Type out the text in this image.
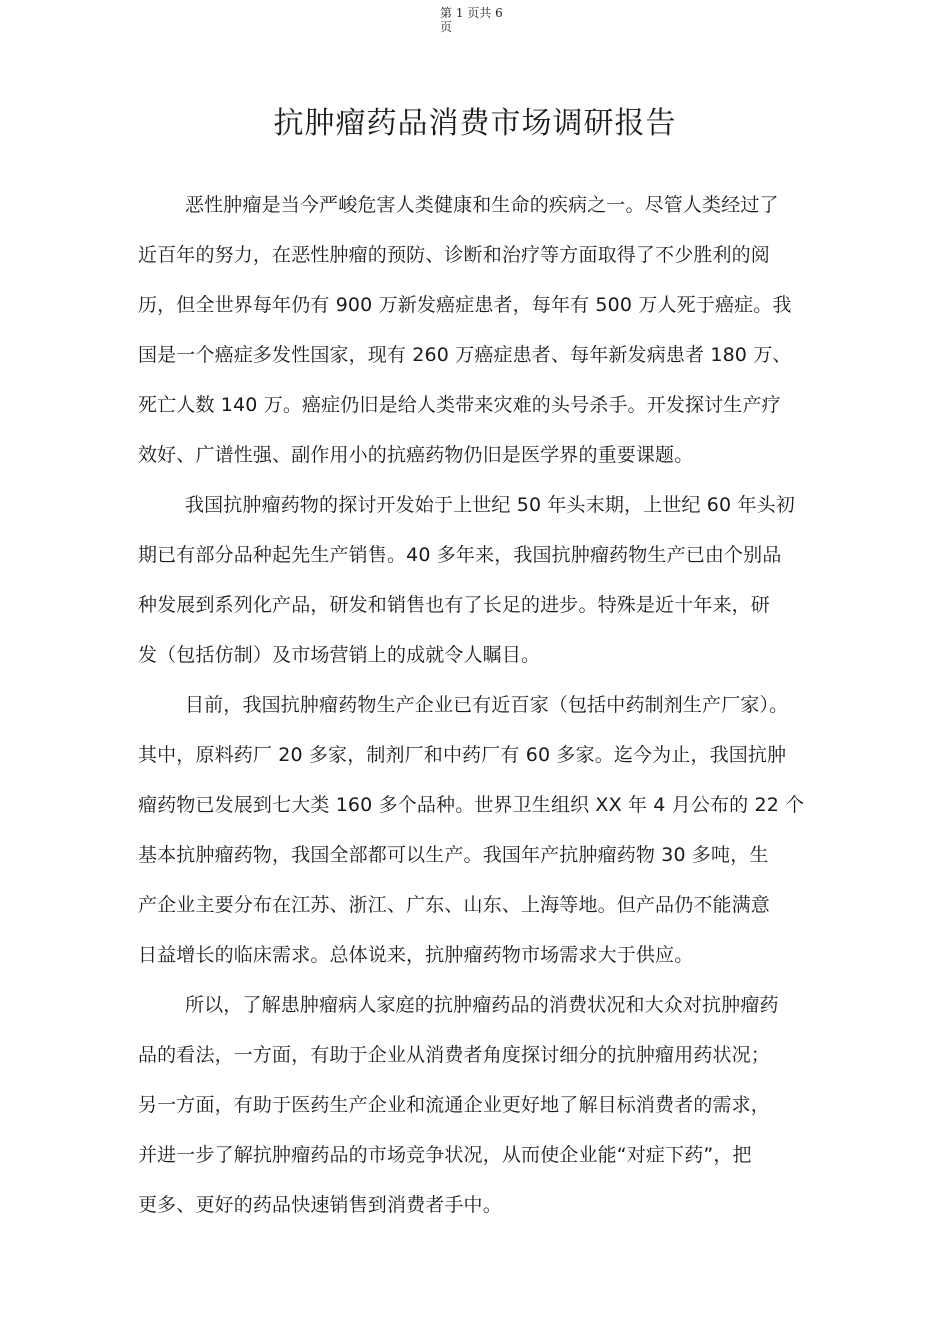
第 1 页共 6
页
抗肿瘤药品消费市场调研报告

恶性肿瘤是当今严峻危害人类健康和生命的疾病之一。尽管人类经过了
近百年的努力，在恶性肿瘤的预防、诊断和治疗等方面取得了不少胜利的阅
历，但全世界每年仍有 900 万新发癌症患者，每年有 500 万人死于癌症。我
国是一个癌症多发性国家，现有 260 万癌症患者、每年新发病患者 180 万、
死亡人数 140 万。癌症仍旧是给人类带来灾难的头号杀手。开发探讨生产疗
效好、广谱性强、副作用小的抗癌药物仍旧是医学界的重要课题。

我国抗肿瘤药物的探讨开发始于上世纪 50 年头末期，上世纪 60 年头初
期已有部分品种起先生产销售。40 多年来，我国抗肿瘤药物生产已由个别品
种发展到系列化产品，研发和销售也有了长足的进步。特殊是近十年来，研
发（包括仿制）及市场营销上的成就令人瞩目。

目前，我国抗肿瘤药物生产企业已有近百家（包括中药制剂生产厂家）。
其中，原料药厂 20 多家，制剂厂和中药厂有 60 多家。迄今为止，我国抗肿
瘤药物已发展到七大类 160 多个品种。世界卫生组织 XX 年 4 月公布的 22 个
基本抗肿瘤药物，我国全部都可以生产。我国年产抗肿瘤药物 30 多吨，生
产企业主要分布在江苏、浙江、广东、山东、上海等地。但产品仍不能满意
日益增长的临床需求。总体说来，抗肿瘤药物市场需求大于供应。

所以，了解患肿瘤病人家庭的抗肿瘤药品的消费状况和大众对抗肿瘤药
品的看法，一方面，有助于企业从消费者角度探讨细分的抗肿瘤用药状况；
另一方面，有助于医药生产企业和流通企业更好地了解目标消费者的需求，
并进一步了解抗肿瘤药品的市场竞争状况，从而使企业能“对症下药”，把
更多、更好的药品快速销售到消费者手中。
